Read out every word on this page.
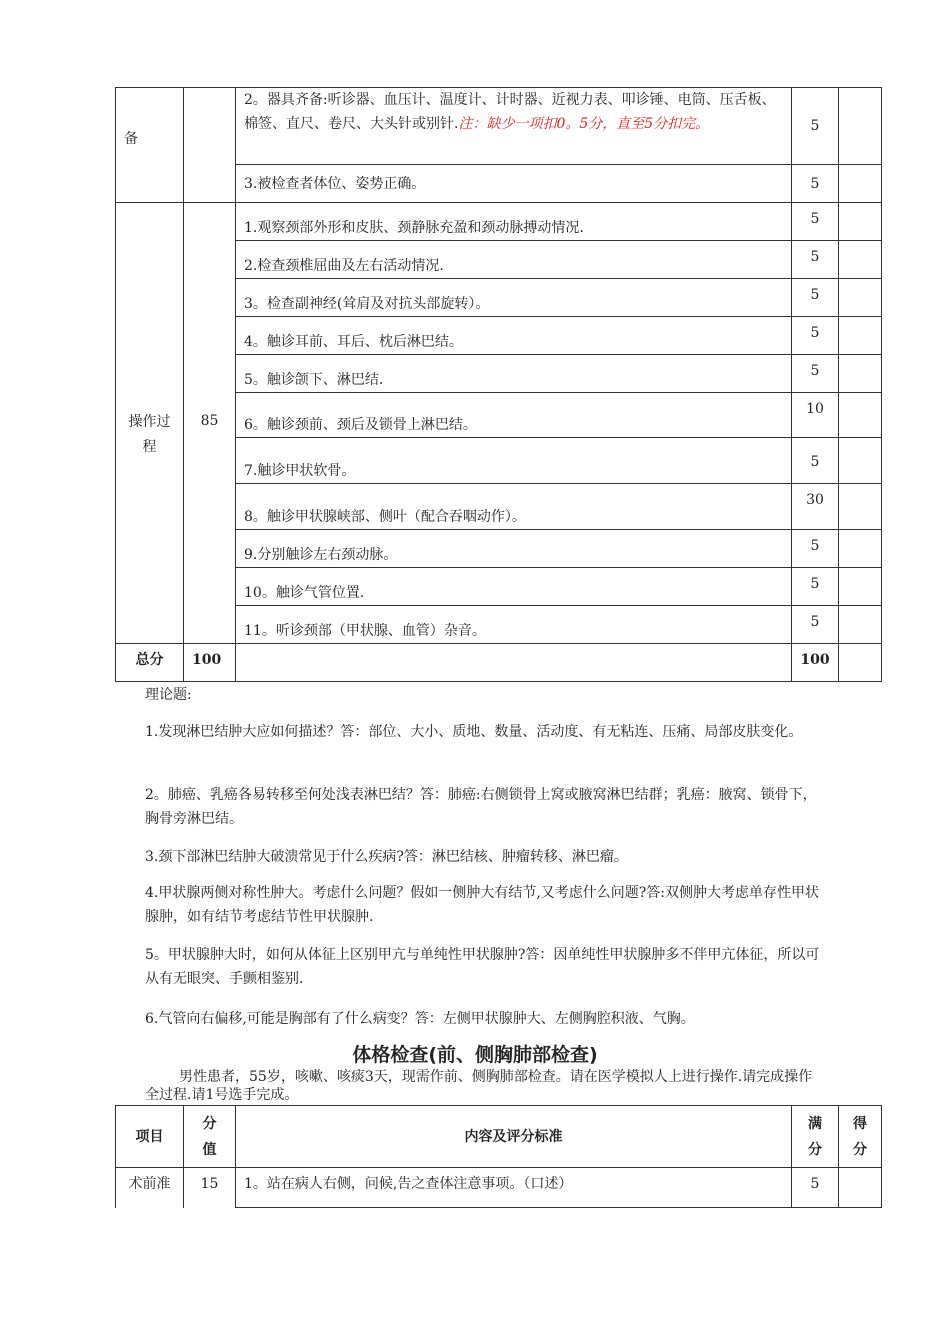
备		2。器具齐备:听诊器、血压计、温度计、计时器、近视力表、叩诊锤、电筒、压舌板、棉签、直尺、卷尺、大头针或别针.注：缺少一项扣0。5分，直至5分扣完。	5	
		3.被检查者体位、姿势正确。	5	

操作过程	85	1.观察颈部外形和皮肤、颈静脉充盈和颈动脉搏动情况.	5	
		2.检查颈椎屈曲及左右活动情况.	5	
		3。检查副神经(耸肩及对抗头部旋转）。	5	
		4。触诊耳前、耳后、枕后淋巴结。	5	
		5。触诊颌下、淋巴结.	5	
		6。触诊颈前、颈后及锁骨上淋巴结。	10	
		7.触诊甲状软骨。	5	
		8。触诊甲状腺峡部、侧叶（配合吞咽动作）。	30	
		9.分别触诊左右颈动脉。	5	
		10。触诊气管位置.	5	
		11。听诊颈部（甲状腺、血管）杂音。	5	
总分	100		100	
理论题:
1.发现淋巴结肿大应如何描述？答：部位、大小、质地、数量、活动度、有无粘连、压痛、局部皮肤变化。
2。肺癌、乳癌各易转移至何处浅表淋巴结？答：肺癌:右侧锁骨上窝或腋窝淋巴结群；乳癌：腋窝、锁骨下，胸骨旁淋巴结。
3.颈下部淋巴结肿大破溃常见于什么疾病?答：淋巴结核、肿瘤转移、淋巴瘤。
4.甲状腺两侧对称性肿大。考虑什么问题？假如一侧肿大有结节,又考虑什么问题?答:双侧肿大考虑单存性甲状腺肿，如有结节考虑结节性甲状腺肿.
5。甲状腺肿大时，如何从体征上区别甲亢与单纯性甲状腺肿?答：因单纯性甲状腺肿多不伴甲亢体征，所以可从有无眼突、手颤相鉴别.
6.气管向右偏移,可能是胸部有了什么病变？答：左侧甲状腺肿大、左侧胸腔积液、气胸。
体格检查(前、侧胸肺部检查)
男性患者，55岁，咳嗽、咳痰3天，现需作前、侧胸肺部检查。请在医学模拟人上进行操作.请完成操作全过程.请1号选手完成。
项目	分值	内容及评分标准	满分	得分

术前准	15	1。站在病人右侧，问候,告之查体注意事项。（口述）	5	
